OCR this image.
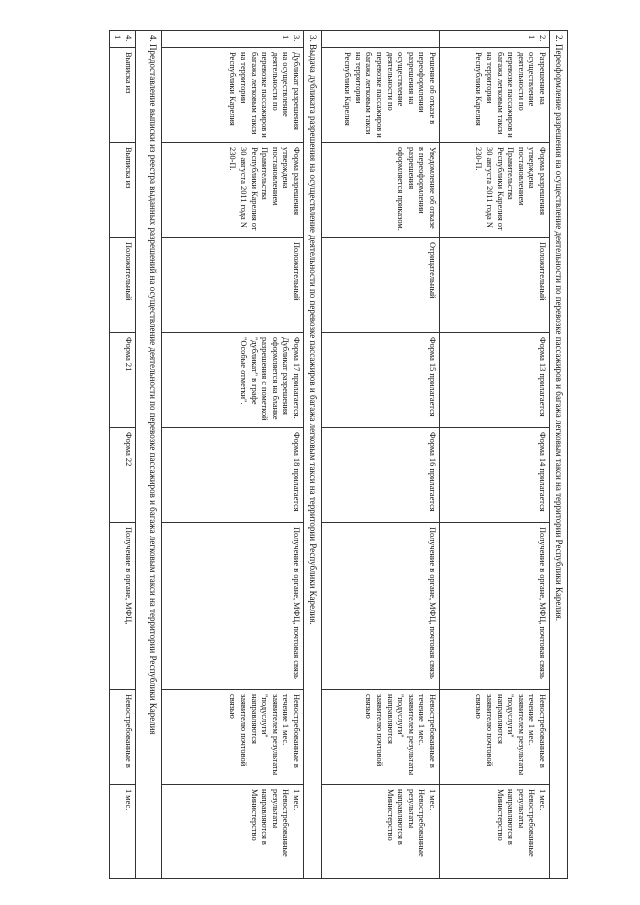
2. Переоформление разрешения на осуществление деятельности по перевозке пассажиров и багажа легковым такси на территории Республики Карелия.								
2.1	Разрешение на осуществление деятельности по перевозке пассажиров и багажа легковым такси на территории Республики Карелия	Форма разрешения утверждена постановлением Правительства Республики Карелия от 30 августа 2011 года N 230-П.	Положительный	Форма 13 прилагается	Форма 14 прилагается	Получение в органе, МФЦ, почтовая связь	Невостребованные в течение 1 мес. заявителем результаты "подуслуги" направляются заявителю почтовой связью	1 мес. Невостребованные результаты направляются в Министерство
	Решение об отказе в переоформлении разрешения на осуществление деятельности по перевозке пассажиров и багажа легковым такси на территории Республики Карелия	Уведомление об отказе в переоформлении разрешения оформляется приказом.	Отрицательный	Форма 15 прилагается	Форма 16 прилагается	Получение в органе, МФЦ, почтовая связь	Невостребованные в течение 1 мес. заявителем результаты "подуслуги" направляются заявителю почтовой связью	1 мес. Невостребованные результаты направляются в Министерство
3. Выдача дубликата разрешения на осуществление деятельности по перевозке пассажиров и багажа легковым такси на территории Республики Карелия.								
3.1	Дубликат разрешения на осуществление деятельности по перевозке пассажиров и багажа легковым такси на территории Республики Карелия	Форма разрешения утверждена постановлением Правительства Республики Карелия от 30 августа 2011 года N 230-П.	Положительный	Форма 17 прилагается. Дубликат разрешения оформляется на бланке разрешения с пометкой "дубликат" в графе "Особые отметки".	Форма 18 прилагается	Получение в органе, МФЦ, почтовая связь	Невостребованные в течение 1 мес. заявителем результаты "подуслуги" направляются заявителю почтовой связью	1 мес. Невостребованные результаты направляются в Министерство
4. Предоставление выписки из реестра выданных разрешений на осуществление деятельности по перевозке пассажиров и багажа легковым такси на территории Республики Карелия								
4.1	Выписка из	Выписка из	Положительный	Форма 21	Форма 22	Получение в органе, МФЦ,	Невостребованные в	1 мес.
